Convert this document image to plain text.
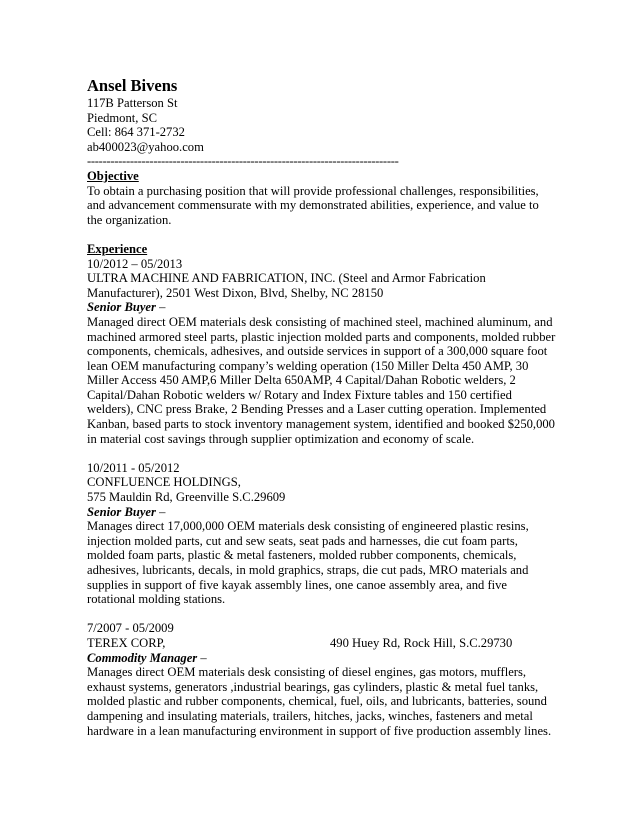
Ansel Bivens
117B Patterson St
Piedmont, SC
Cell: 864 371-2732
ab400023@yahoo.com
--------------------------------------------------------------------------------
Objective
To obtain a purchasing position that will provide professional challenges, responsibilities, and advancement commensurate with my demonstrated abilities, experience, and value to the organization.
Experience
10/2012 – 05/2013
ULTRA MACHINE AND FABRICATION, INC. (Steel and Armor Fabrication
Manufacturer), 2501 West Dixon, Blvd, Shelby, NC 28150
Senior Buyer –
Managed direct OEM materials desk consisting of machined steel, machined aluminum, and machined armored steel parts, plastic injection molded parts and components, molded rubber components, chemicals, adhesives, and outside services in support of a 300,000 square foot lean OEM manufacturing company’s welding operation (150 Miller Delta 450 AMP, 30 Miller Access 450 AMP,6 Miller Delta 650AMP, 4 Capital/Dahan Robotic welders, 2 Capital/Dahan Robotic welders w/ Rotary and Index Fixture tables and 150 certified welders), CNC press Brake, 2 Bending Presses and a Laser cutting operation. Implemented Kanban, based parts to stock inventory management system, identified and booked $250,000 in material cost savings through supplier optimization and economy of scale.
10/2011 - 05/2012
CONFLUENCE HOLDINGS,
575 Mauldin Rd, Greenville S.C.29609
Senior Buyer –
Manages direct 17,000,000 OEM materials desk consisting of engineered plastic resins, injection molded parts, cut and sew seats, seat pads and harnesses, die cut foam parts, molded foam parts, plastic & metal fasteners, molded rubber components, chemicals, adhesives, lubricants, decals, in mold graphics, straps, die cut pads, MRO materials and supplies in support of five kayak assembly lines, one canoe assembly area, and five rotational molding stations.
7/2007 - 05/2009
TEREX CORP,	490 Huey Rd, Rock Hill, S.C.29730
Commodity Manager –
Manages direct OEM materials desk consisting of diesel engines, gas motors, mufflers, exhaust systems, generators ,industrial bearings, gas cylinders, plastic & metal fuel tanks, molded plastic and rubber components, chemical, fuel, oils, and lubricants, batteries, sound dampening and insulating materials, trailers, hitches, jacks, winches, fasteners and metal hardware in a lean manufacturing environment in support of five production assembly lines.
